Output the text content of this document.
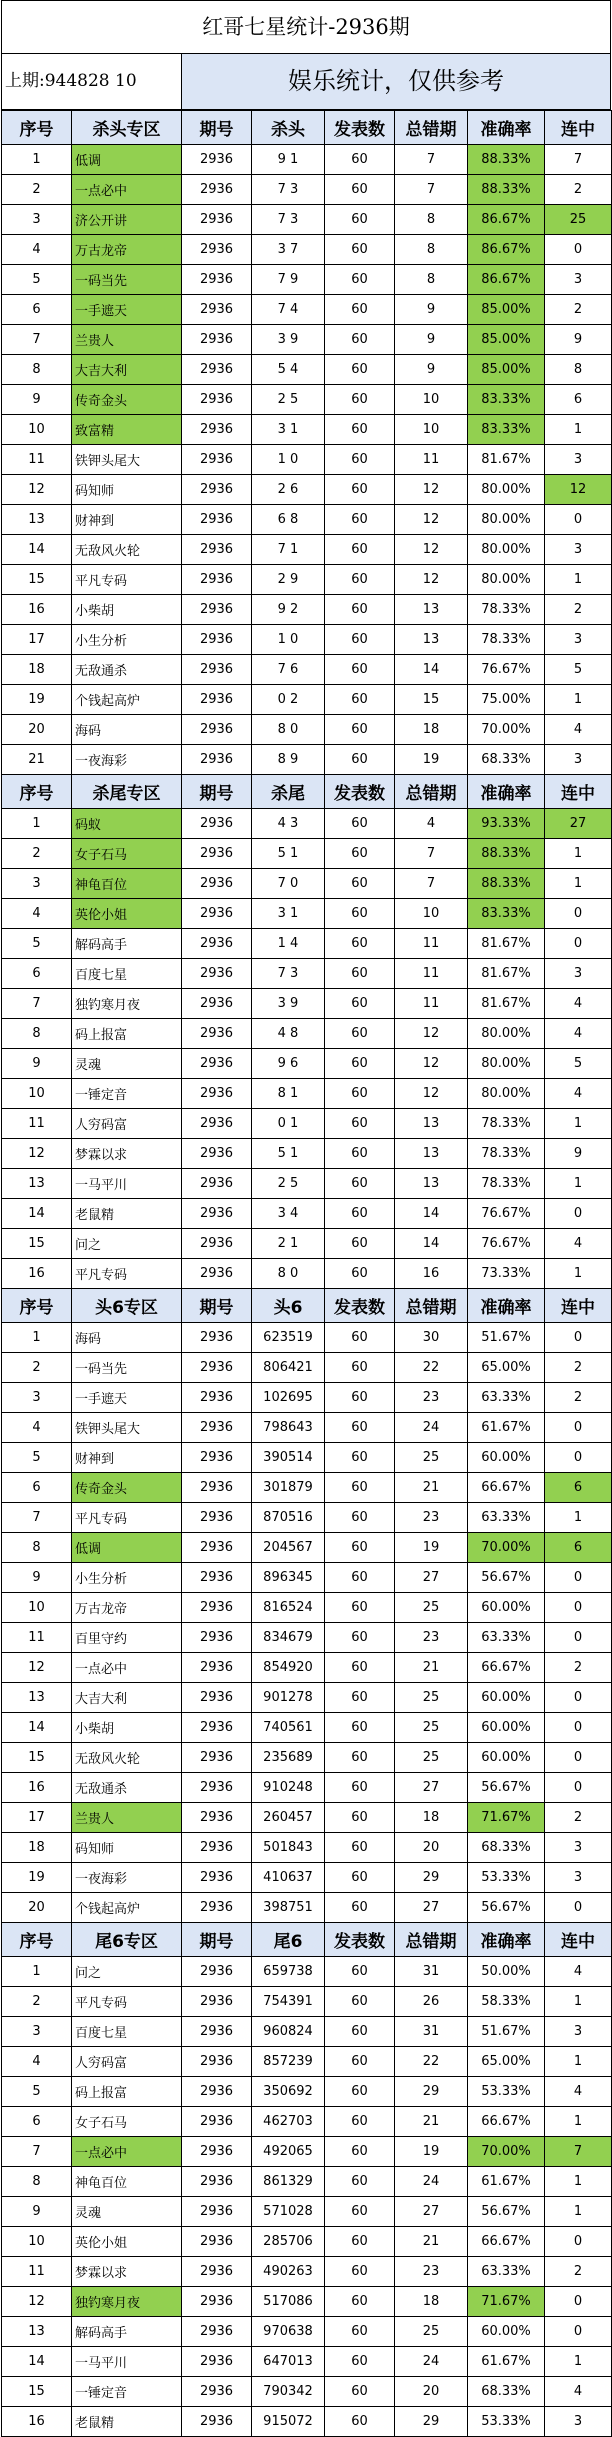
红哥七星统计-2936期
上期:944828 10	娱乐统计，仅供参考
序号	杀头专区	期号	杀头	发表数	总错期	准确率	连中
1	低调	2936	9 1	60	7	88.33%	7
2	一点必中	2936	7 3	60	7	88.33%	2
3	济公开讲	2936	7 3	60	8	86.67%	25
4	万古龙帝	2936	3 7	60	8	86.67%	0
5	一码当先	2936	7 9	60	8	86.67%	3
6	一手遮天	2936	7 4	60	9	85.00%	2
7	兰贵人	2936	3 9	60	9	85.00%	9
8	大吉大利	2936	5 4	60	9	85.00%	8
9	传奇金头	2936	2 5	60	10	83.33%	6
10	致富精	2936	3 1	60	10	83.33%	1
11	铁钾头尾大	2936	1 0	60	11	81.67%	3
12	码知师	2936	2 6	60	12	80.00%	12
13	财神到	2936	6 8	60	12	80.00%	0
14	无敌风火轮	2936	7 1	60	12	80.00%	3
15	平凡专码	2936	2 9	60	12	80.00%	1
16	小柴胡	2936	9 2	60	13	78.33%	2
17	小生分析	2936	1 0	60	13	78.33%	3
18	无敌通杀	2936	7 6	60	14	76.67%	5
19	个钱起高炉	2936	0 2	60	15	75.00%	1
20	海码	2936	8 0	60	18	70.00%	4
21	一夜海彩	2936	8 9	60	19	68.33%	3
序号	杀尾专区	期号	杀尾	发表数	总错期	准确率	连中
1	码蚁	2936	4 3	60	4	93.33%	27
2	女子石马	2936	5 1	60	7	88.33%	1
3	神龟百位	2936	7 0	60	7	88.33%	1
4	英伦小姐	2936	3 1	60	10	83.33%	0
5	解码高手	2936	1 4	60	11	81.67%	0
6	百度七星	2936	7 3	60	11	81.67%	3
7	独钓寒月夜	2936	3 9	60	11	81.67%	4
8	码上报富	2936	4 8	60	12	80.00%	4
9	灵魂	2936	9 6	60	12	80.00%	5
10	一锤定音	2936	8 1	60	12	80.00%	4
11	人穷码富	2936	0 1	60	13	78.33%	1
12	梦霖以求	2936	5 1	60	13	78.33%	9
13	一马平川	2936	2 5	60	13	78.33%	1
14	老鼠精	2936	3 4	60	14	76.67%	0
15	问之	2936	2 1	60	14	76.67%	4
16	平凡专码	2936	8 0	60	16	73.33%	1
序号	头6专区	期号	头6	发表数	总错期	准确率	连中
1	海码	2936	623519	60	30	51.67%	0
2	一码当先	2936	806421	60	22	65.00%	2
3	一手遮天	2936	102695	60	23	63.33%	2
4	铁钾头尾大	2936	798643	60	24	61.67%	0
5	财神到	2936	390514	60	25	60.00%	0
6	传奇金头	2936	301879	60	21	66.67%	6
7	平凡专码	2936	870516	60	23	63.33%	1
8	低调	2936	204567	60	19	70.00%	6
9	小生分析	2936	896345	60	27	56.67%	0
10	万古龙帝	2936	816524	60	25	60.00%	0
11	百里守约	2936	834679	60	23	63.33%	0
12	一点必中	2936	854920	60	21	66.67%	2
13	大吉大利	2936	901278	60	25	60.00%	0
14	小柴胡	2936	740561	60	25	60.00%	0
15	无敌风火轮	2936	235689	60	25	60.00%	0
16	无敌通杀	2936	910248	60	27	56.67%	0
17	兰贵人	2936	260457	60	18	71.67%	2
18	码知师	2936	501843	60	20	68.33%	3
19	一夜海彩	2936	410637	60	29	53.33%	3
20	个钱起高炉	2936	398751	60	27	56.67%	0
序号	尾6专区	期号	尾6	发表数	总错期	准确率	连中
1	问之	2936	659738	60	31	50.00%	4
2	平凡专码	2936	754391	60	26	58.33%	1
3	百度七星	2936	960824	60	31	51.67%	3
4	人穷码富	2936	857239	60	22	65.00%	1
5	码上报富	2936	350692	60	29	53.33%	4
6	女子石马	2936	462703	60	21	66.67%	1
7	一点必中	2936	492065	60	19	70.00%	7
8	神龟百位	2936	861329	60	24	61.67%	1
9	灵魂	2936	571028	60	27	56.67%	1
10	英伦小姐	2936	285706	60	21	66.67%	0
11	梦霖以求	2936	490263	60	23	63.33%	2
12	独钓寒月夜	2936	517086	60	18	71.67%	0
13	解码高手	2936	970638	60	25	60.00%	0
14	一马平川	2936	647013	60	24	61.67%	1
15	一锤定音	2936	790342	60	20	68.33%	4
16	老鼠精	2936	915072	60	29	53.33%	3
